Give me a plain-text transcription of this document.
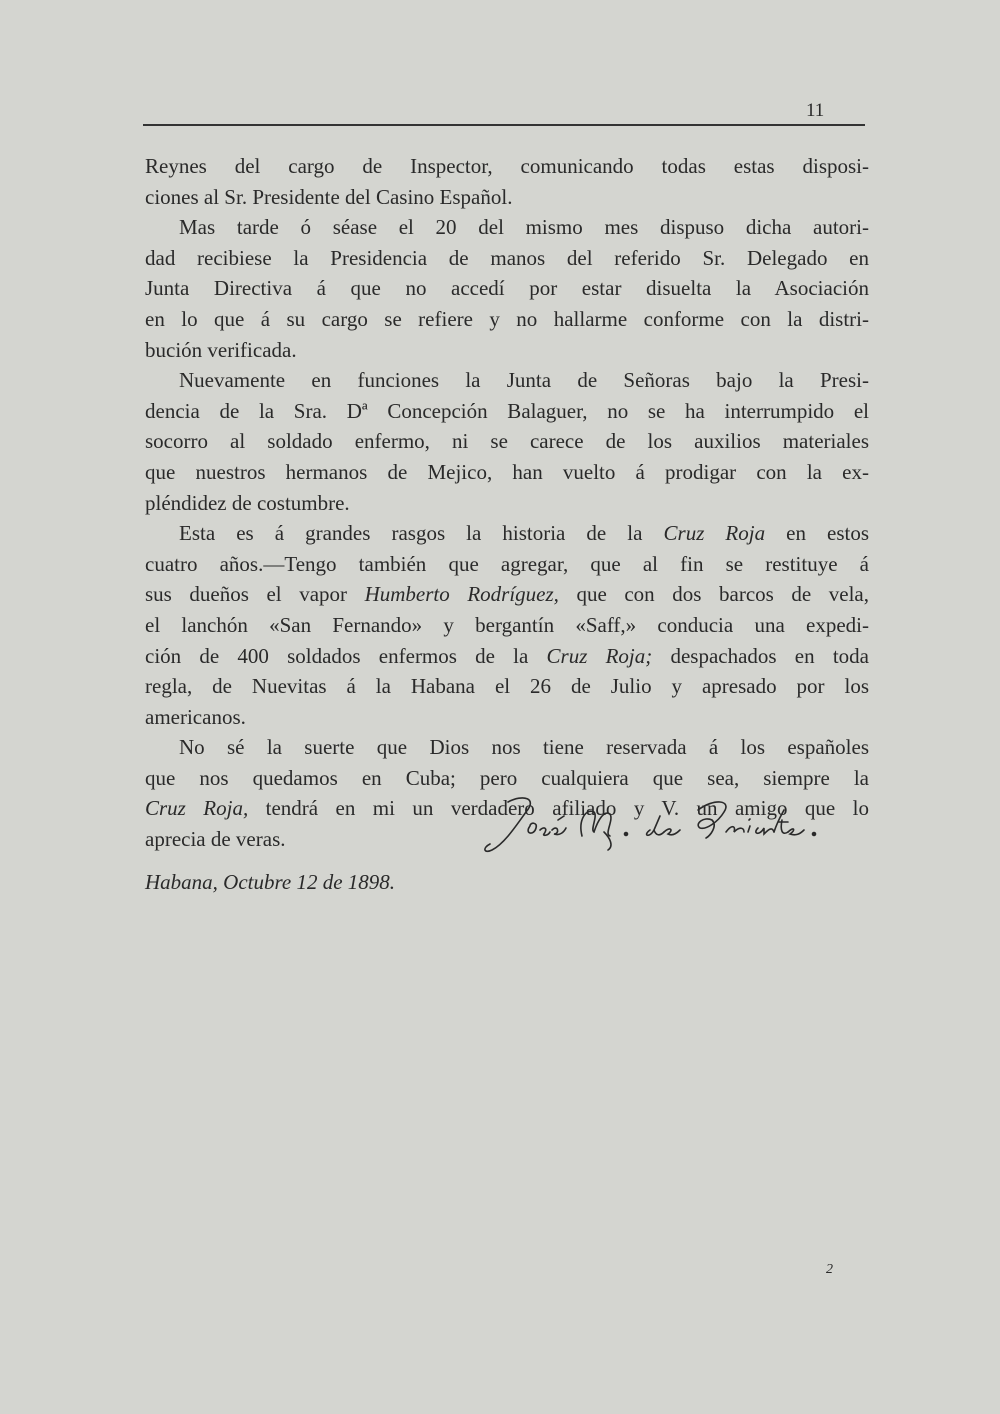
11
Reynes del cargo de Inspector, comunicando todas estas disposi-
ciones al Sr. Presidente del Casino Español.
Mas tarde ó séase el 20 del mismo mes dispuso dicha autori-
dad recibiese la Presidencia de manos del referido Sr. Delegado en
Junta Directiva á que no accedí por estar disuelta la Asociación
en lo que á su cargo se refiere y no hallarme conforme con la distri-
bución verificada.
Nuevamente en funciones la Junta de Señoras bajo la Presi-
dencia de la Sra. Dª Concepción Balaguer, no se ha interrumpido el
socorro al soldado enfermo, ni se carece de los auxilios materiales
que nuestros hermanos de Mejico, han vuelto á prodigar con la ex-
pléndidez de costumbre.
Esta es á grandes rasgos la historia de la Cruz Roja en estos
cuatro años.—Tengo también que agregar, que al fin se restituye á
sus dueños el vapor Humberto Rodríguez, que con dos barcos de vela,
el lanchón «San Fernando» y bergantín «Saff,» conducia una expedi-
ción de 400 soldados enfermos de la Cruz Roja; despachados en toda
regla, de Nuevitas á la Habana el 26 de Julio y apresado por los
americanos.
No sé la suerte que Dios nos tiene reservada á los españoles
que nos quedamos en Cuba; pero cualquiera que sea, siempre la
Cruz Roja, tendrá en mi un verdadero afiliado y V. un amigo que lo
aprecia de veras.
Habana, Octubre 12 de 1898.
2
